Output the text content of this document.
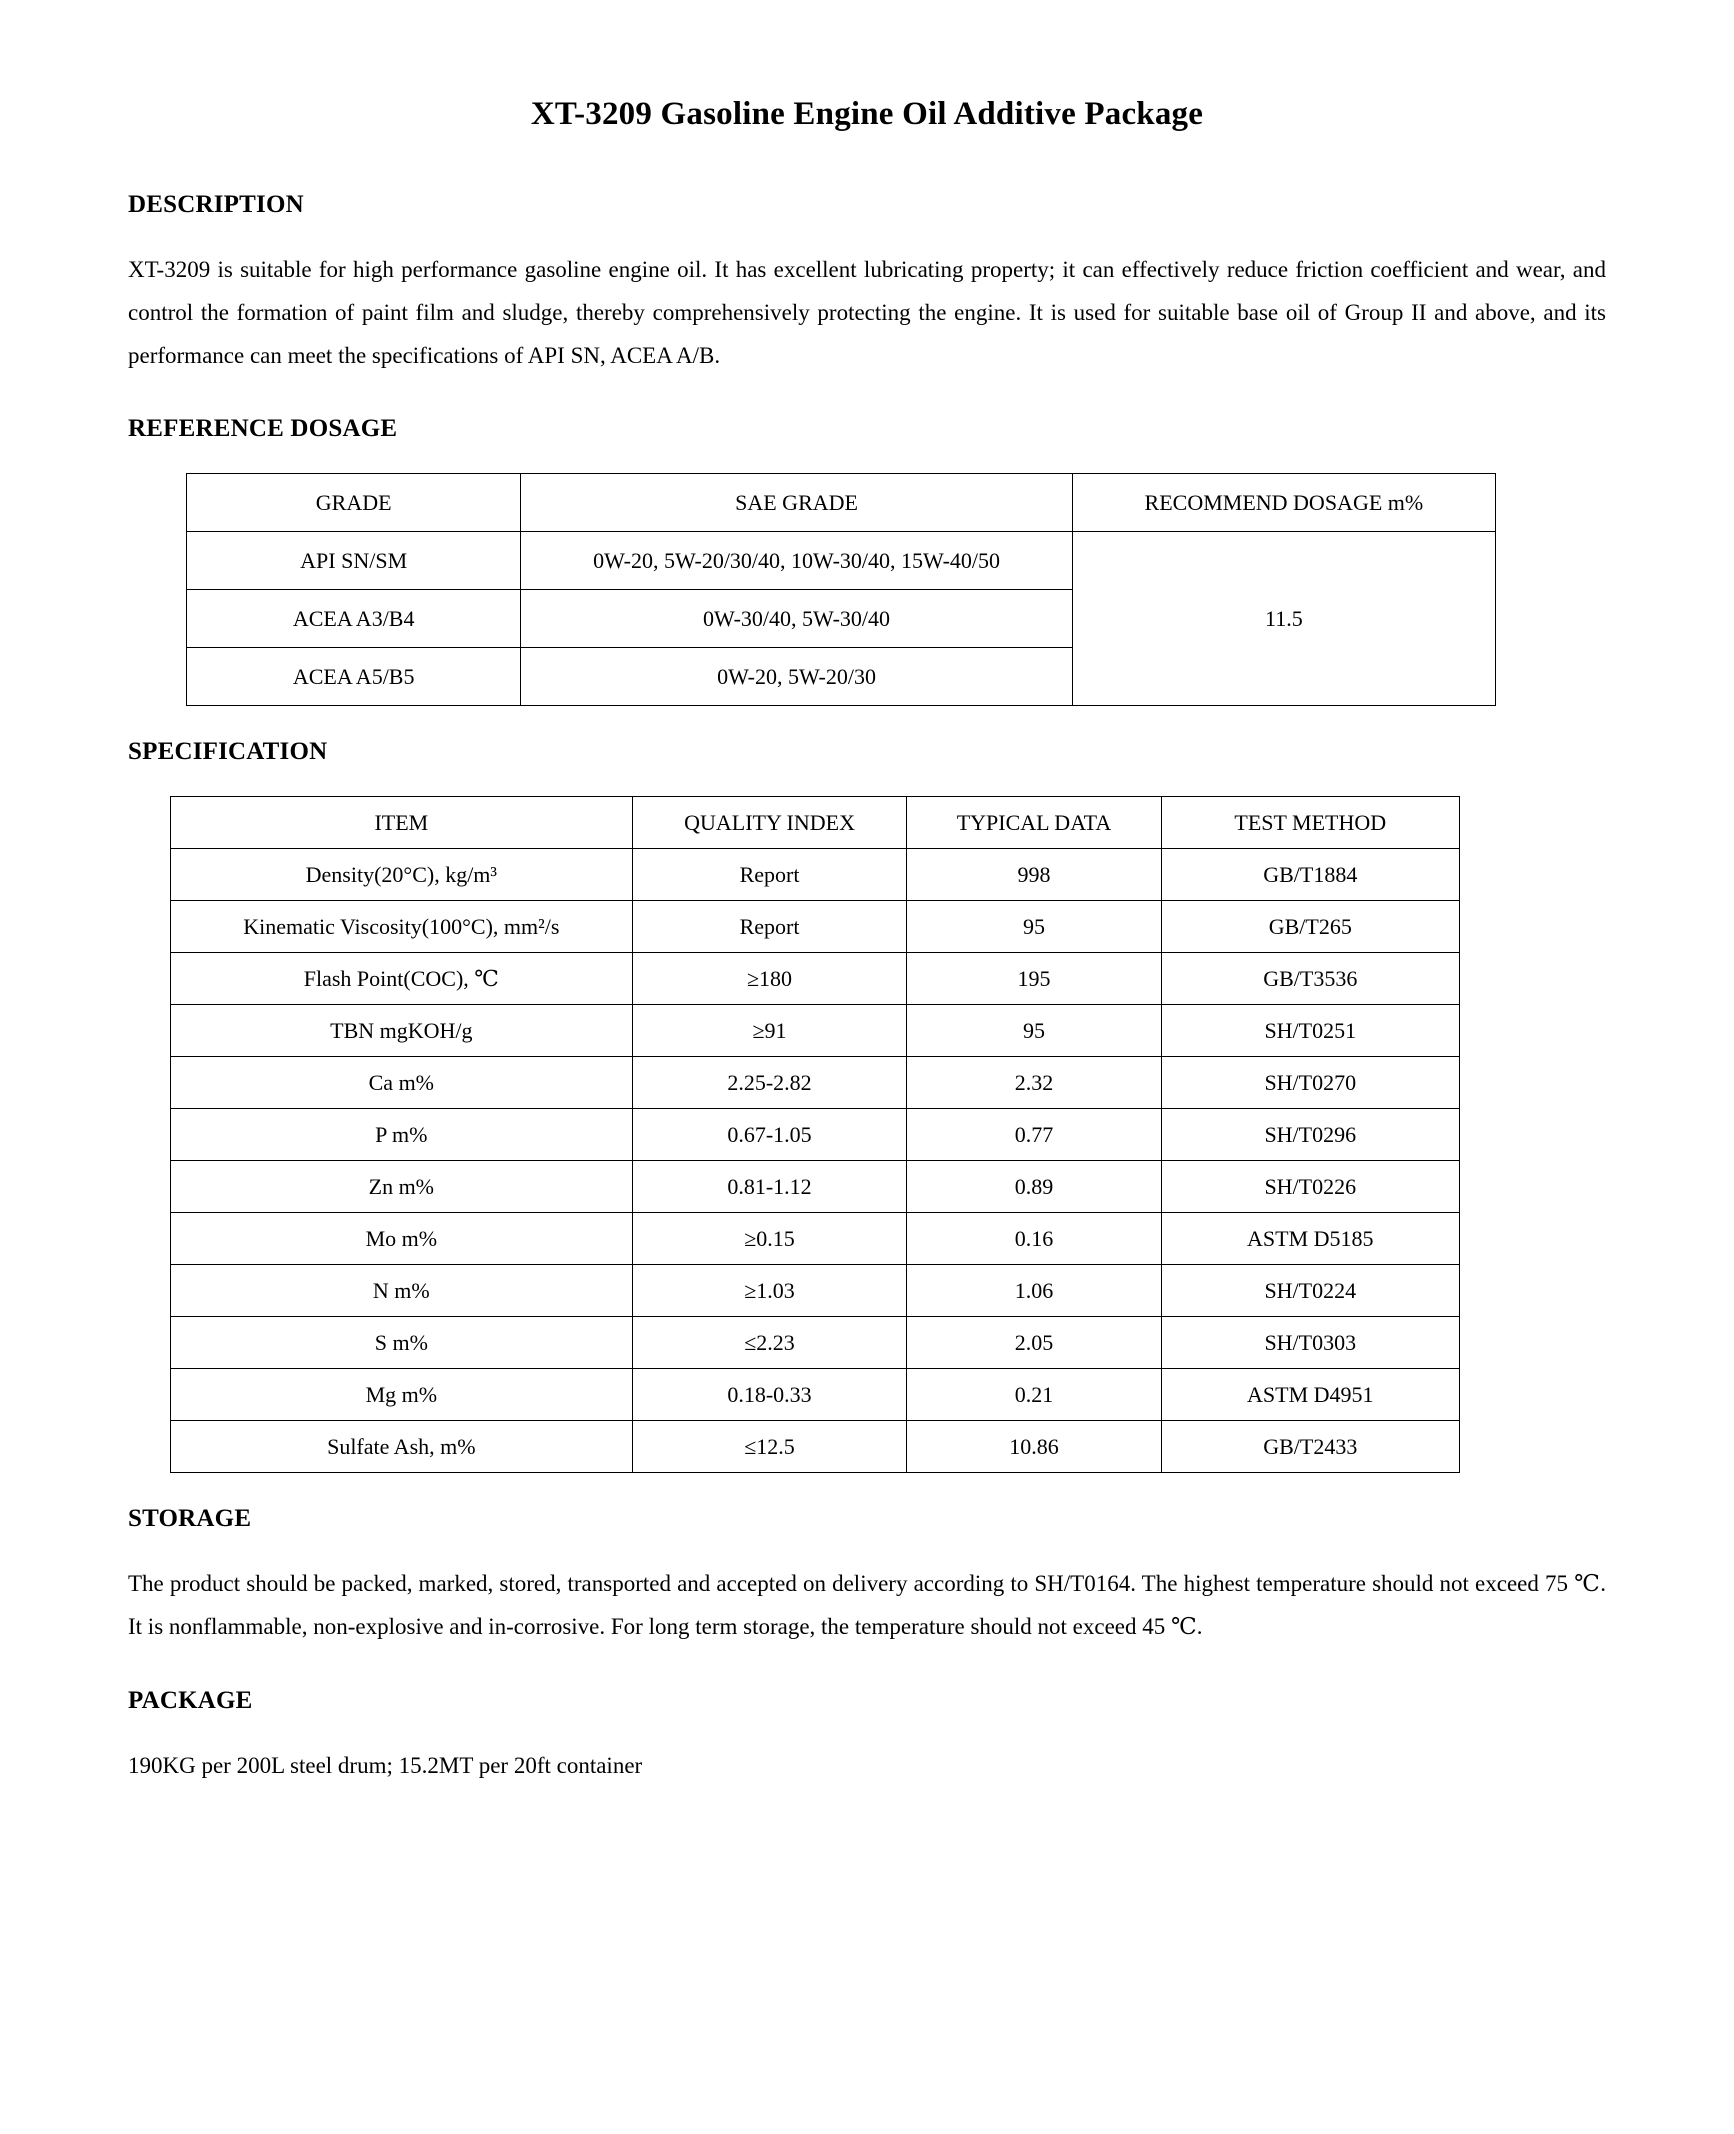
XT-3209 Gasoline Engine Oil Additive Package
DESCRIPTION

XT-3209 is suitable for high performance gasoline engine oil. It has excellent lubricating property; it can effectively reduce friction coefficient and wear, and control the formation of paint film and sludge, thereby comprehensively protecting the engine. It is used for suitable base oil of Group II and above, and its performance can meet the specifications of API SN, ACEA A/B.

REFERENCE DOSAGE
GRADE	SAE GRADE	RECOMMEND DOSAGE m%
API SN/SM	0W-20, 5W-20/30/40, 10W-30/40, 15W-40/50	11.5
ACEA A3/B4	0W-30/40, 5W-30/40	
ACEA A5/B5	0W-20, 5W-20/30	
SPECIFICATION
ITEM	QUALITY INDEX	TYPICAL DATA	TEST METHOD
Density(20°C), kg/m³	Report	998	GB/T1884
Kinematic Viscosity(100°C), mm²/s	Report	95	GB/T265
Flash Point(COC), ℃	≥180	195	GB/T3536
TBN mgKOH/g	≥91	95	SH/T0251
Ca m%	2.25-2.82	2.32	SH/T0270
P m%	0.67-1.05	0.77	SH/T0296
Zn m%	0.81-1.12	0.89	SH/T0226
Mo m%	≥0.15	0.16	ASTM D5185
N m%	≥1.03	1.06	SH/T0224
S m%	≤2.23	2.05	SH/T0303
Mg m%	0.18-0.33	0.21	ASTM D4951
Sulfate Ash, m%	≤12.5	10.86	GB/T2433
STORAGE

The product should be packed, marked, stored, transported and accepted on delivery according to SH/T0164. The highest temperature should not exceed 75 ℃. It is nonflammable, non-explosive and in-corrosive. For long term storage, the temperature should not exceed 45 ℃.

PACKAGE

190KG per 200L steel drum; 15.2MT per 20ft container
